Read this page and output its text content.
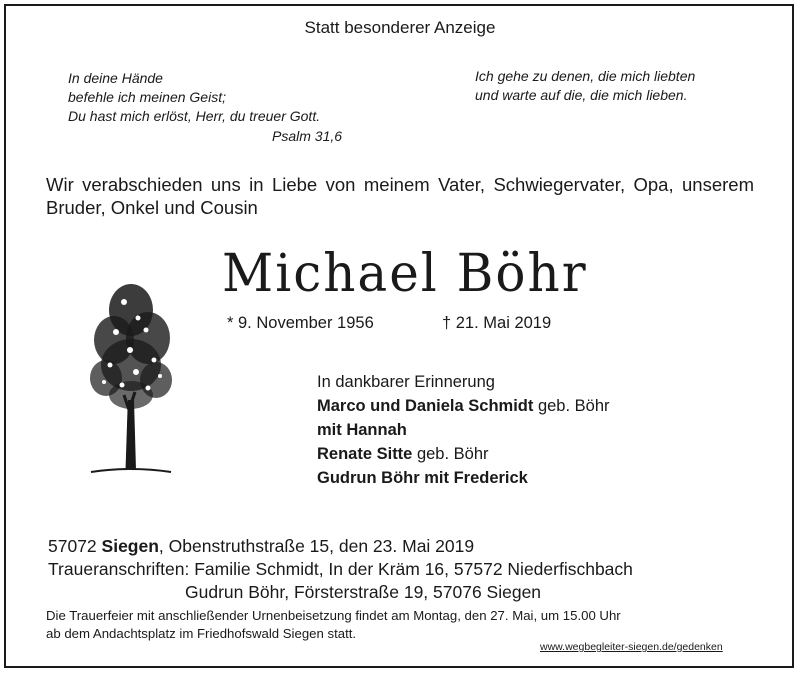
Statt besonderer Anzeige
In deine Hände
befehle ich meinen Geist;
Du hast mich erlöst, Herr, du treuer Gott.
Psalm 31,6
Ich gehe zu denen, die mich liebten
und warte auf die, die mich lieben.
Wir verabschieden uns in Liebe von meinem Vater, Schwiegervater, Opa, unserem Bruder, Onkel und Cousin
Michael Böhr
* 9. November 1956	† 21. Mai 2019
In dankbarer Erinnerung
Marco und Daniela Schmidt geb. Böhr
mit Hannah
Renate Sitte geb. Böhr
Gudrun Böhr mit Frederick
57072 Siegen, Obenstruthstraße 15, den 23. Mai 2019
Traueranschriften: Familie Schmidt, In der Kräm 16, 57572 Niederfischbach
Gudrun Böhr, Försterstraße 19, 57076 Siegen
Die Trauerfeier mit anschließender Urnenbeisetzung findet am Montag, den 27. Mai, um 15.00 Uhr
ab dem Andachtsplatz im Friedhofswald Siegen statt.
www.wegbegleiter-siegen.de/gedenken
